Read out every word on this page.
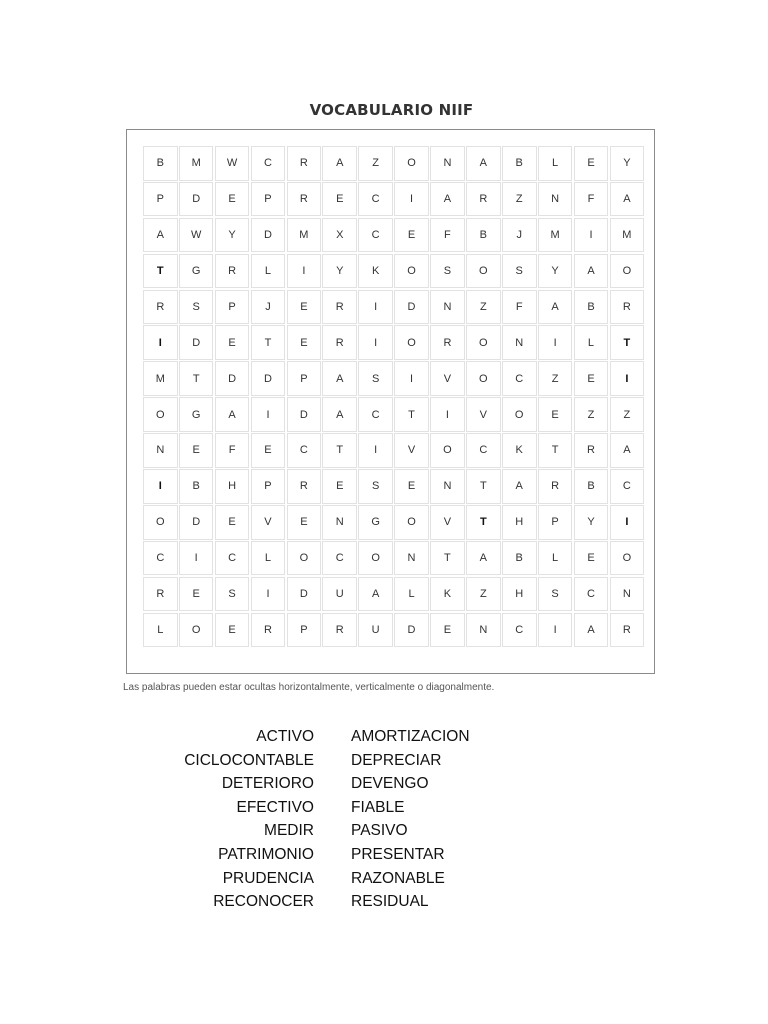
VOCABULARIO NIIF
B	M	W	C	R	A	Z	O	N	A	B	L	E	Y
P	D	E	P	R	E	C	I	A	R	Z	N	F	A
A	W	Y	D	M	X	C	E	F	B	J	M	I	M
T	G	R	L	I	Y	K	O	S	O	S	Y	A	O
R	S	P	J	E	R	I	D	N	Z	F	A	B	R
I	D	E	T	E	R	I	O	R	O	N	I	L	T
M	T	D	D	P	A	S	I	V	O	C	Z	E	I
O	G	A	I	D	A	C	T	I	V	O	E	Z	Z
N	E	F	E	C	T	I	V	O	C	K	T	R	A
I	B	H	P	R	E	S	E	N	T	A	R	B	C
O	D	E	V	E	N	G	O	V	T	H	P	Y	I
C	I	C	L	O	C	O	N	T	A	B	L	E	O
R	E	S	I	D	U	A	L	K	Z	H	S	C	N
L	O	E	R	P	R	U	D	E	N	C	I	A	R
Las palabras pueden estar ocultas horizontalmente, verticalmente o diagonalmente.
ACTIVO
CICLOCONTABLE
DETERIORO
EFECTIVO
MEDIR
PATRIMONIO
PRUDENCIA
RECONOCER
AMORTIZACION
DEPRECIAR
DEVENGO
FIABLE
PASIVO
PRESENTAR
RAZONABLE
RESIDUAL
